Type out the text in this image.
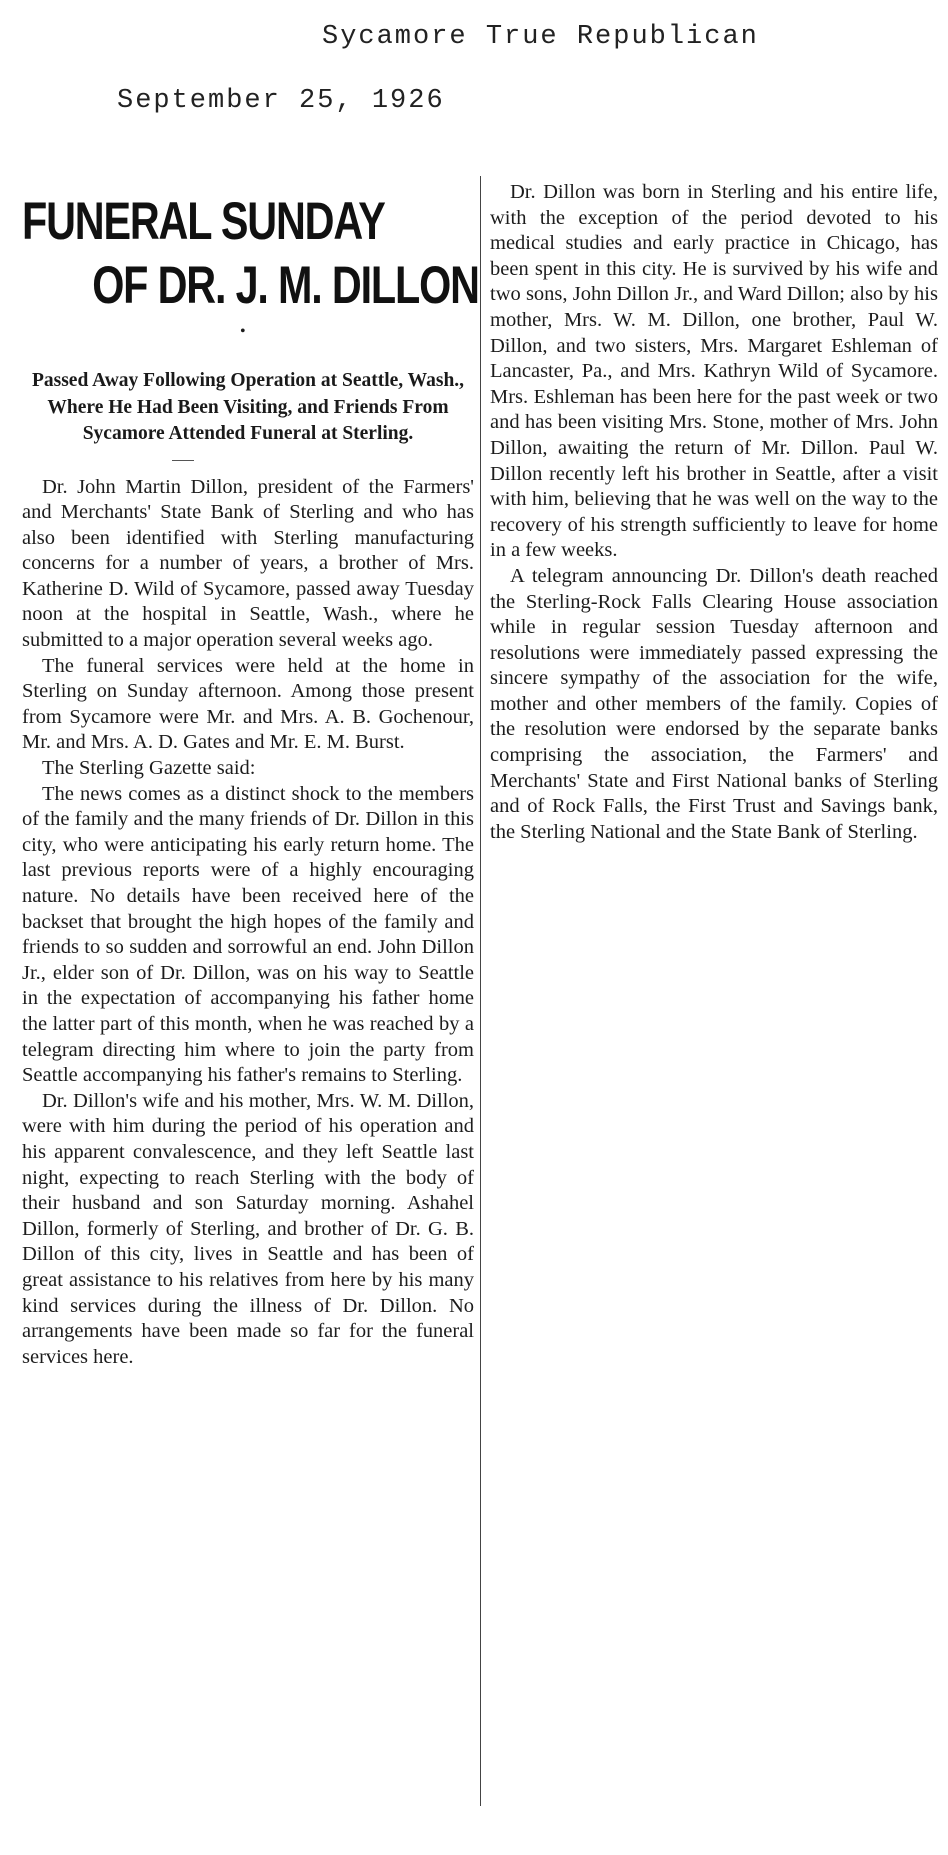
Sycamore True Republican

September 25, 1926

FUNERAL SUNDAY
OF DR. J. M. DILLON
•
Passed Away Following Operation at Seattle, Wash., Where He Had Been Visiting, and Friends From Sycamore Attended Funeral at Sterling.

Dr. John Martin Dillon, president of the Farmers' and Merchants' State Bank of Sterling and who has also been identified with Sterling manufacturing concerns for a number of years, a brother of Mrs. Katherine D. Wild of Sycamore, passed away Tuesday noon at the hospital in Seattle, Wash., where he submitted to a major operation several weeks ago.

The funeral services were held at the home in Sterling on Sunday afternoon. Among those present from Sycamore were Mr. and Mrs. A. B. Gochenour, Mr. and Mrs. A. D. Gates and Mr. E. M. Burst.

The Sterling Gazette said:

The news comes as a distinct shock to the members of the family and the many friends of Dr. Dillon in this city, who were anticipating his early return home. The last previous reports were of a highly encouraging nature. No details have been received here of the backset that brought the high hopes of the family and friends to so sudden and sorrowful an end. John Dillon Jr., elder son of Dr. Dillon, was on his way to Seattle in the expectation of accompanying his father home the latter part of this month, when he was reached by a telegram directing him where to join the party from Seattle accompanying his father's remains to Sterling.

Dr. Dillon's wife and his mother, Mrs. W. M. Dillon, were with him during the period of his operation and his apparent convalescence, and they left Seattle last night, expecting to reach Sterling with the body of their husband and son Saturday morning. Ashahel Dillon, formerly of Sterling, and brother of Dr. G. B. Dillon of this city, lives in Seattle and has been of great assistance to his relatives from here by his many kind services during the illness of Dr. Dillon. No arrangements have been made so far for the funeral services here.

Dr. Dillon was born in Sterling and his entire life, with the exception of the period devoted to his medical studies and early practice in Chicago, has been spent in this city. He is survived by his wife and two sons, John Dillon Jr., and Ward Dillon; also by his mother, Mrs. W. M. Dillon, one brother, Paul W. Dillon, and two sisters, Mrs. Margaret Eshleman of Lancaster, Pa., and Mrs. Kathryn Wild of Sycamore. Mrs. Eshleman has been here for the past week or two and has been visiting Mrs. Stone, mother of Mrs. John Dillon, awaiting the return of Mr. Dillon. Paul W. Dillon recently left his brother in Seattle, after a visit with him, believing that he was well on the way to the recovery of his strength sufficiently to leave for home in a few weeks.

A telegram announcing Dr. Dillon's death reached the Sterling-Rock Falls Clearing House association while in regular session Tuesday afternoon and resolutions were immediately passed expressing the sincere sympathy of the association for the wife, mother and other members of the family. Copies of the resolution were endorsed by the separate banks comprising the association, the Farmers' and Merchants' State and First National banks of Sterling and of Rock Falls, the First Trust and Savings bank, the Sterling National and the State Bank of Sterling.
